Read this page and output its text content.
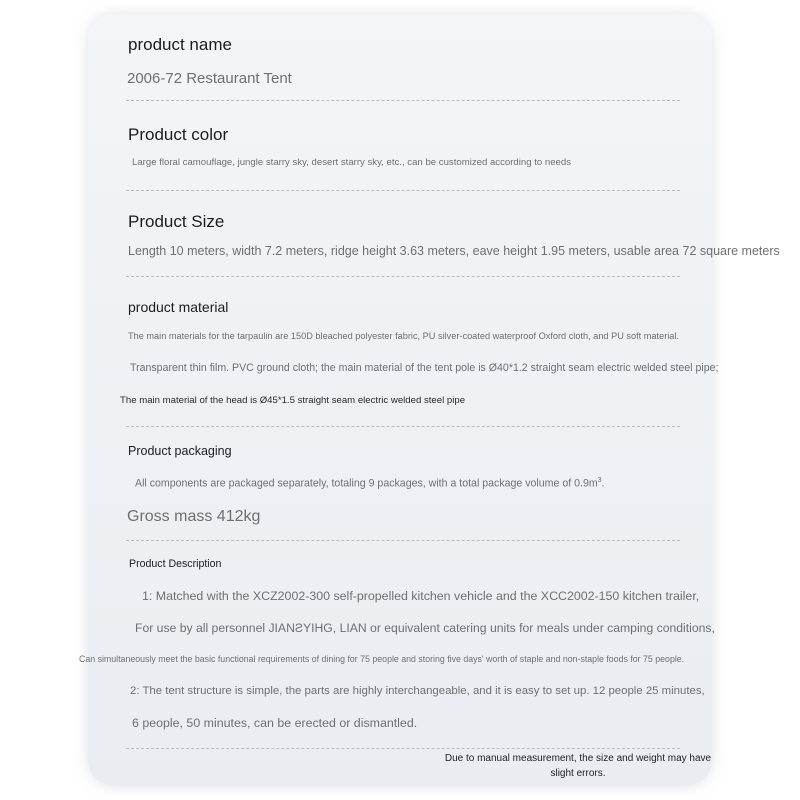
product name
2006-72 Restaurant Tent
Product color
Large floral camouflage, jungle starry sky, desert starry sky, etc., can be customized according to needs
Product Size
Length 10 meters, width 7.2 meters, ridge height 3.63 meters, eave height 1.95 meters, usable area 72 square meters
product material
The main materials for the tarpaulin are 150D bleached polyester fabric, PU silver-coated waterproof Oxford cloth, and PU soft material.
Transparent thin film. PVC ground cloth; the main material of the tent pole is Ø40*1.2 straight seam electric welded steel pipe;
The main material of the head is Ø45*1.5 straight seam electric welded steel pipe
Product packaging
All components are packaged separately, totaling 9 packages, with a total package volume of $0.9m^3$.
Gross mass 412kg
Product Description
1: Matched with the XCZ2002-300 self-propelled kitchen vehicle and the XCC2002-150 kitchen trailer,
For use by all personnel JIANƧYIHG, LIAN or equivalent catering units for meals under camping conditions,
Can simultaneously meet the basic functional requirements of dining for 75 people and storing five days' worth of staple and non-staple foods for 75 people.
2: The tent structure is simple, the parts are highly interchangeable, and it is easy to set up. 12 people 25 minutes,
6 people, 50 minutes, can be erected or dismantled.
Due to manual measurement, the size and weight may have slight errors.
